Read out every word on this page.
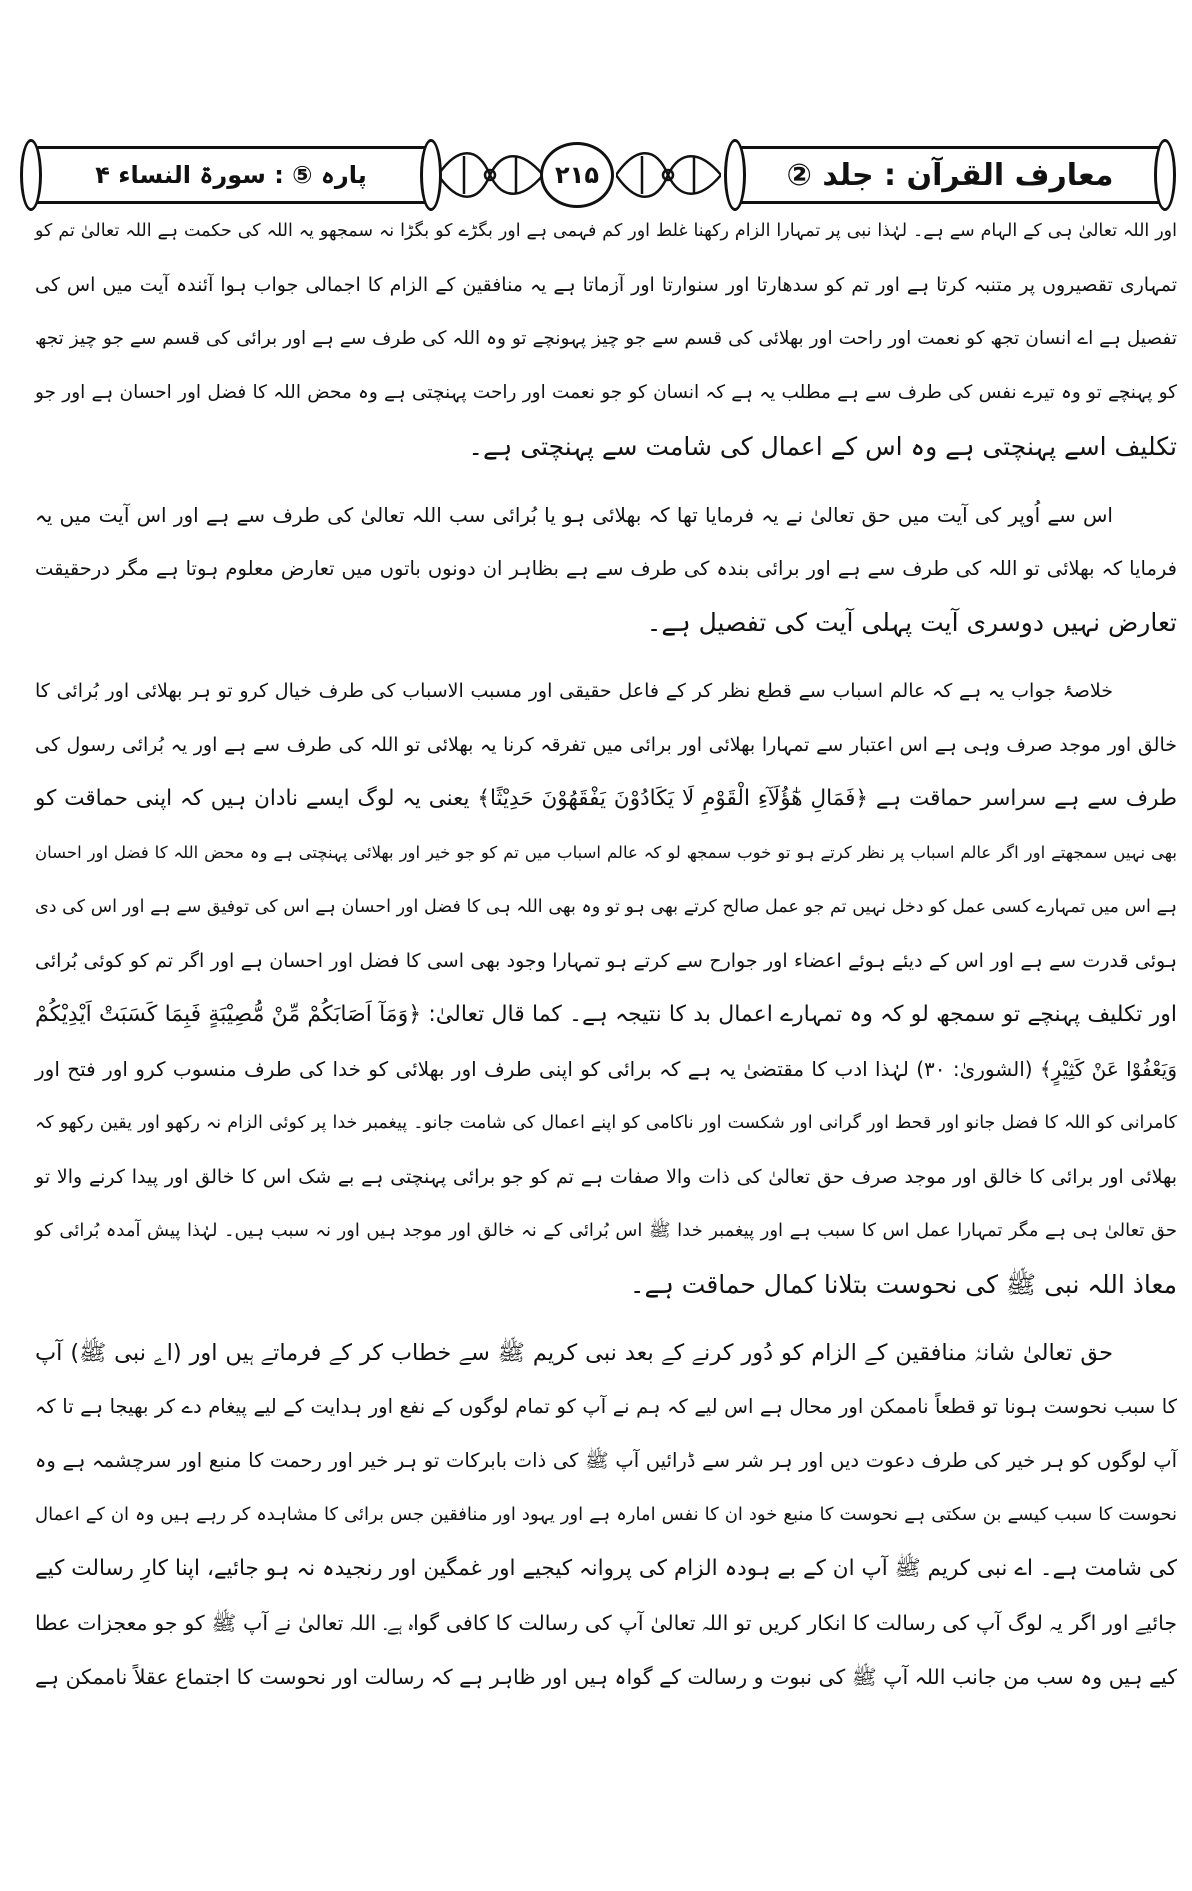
معارف القرآن : جلد ②
۲۱۵
پارہ ⑤ : سورۃ النساء ۴
اور اللہ تعالیٰ ہی کے الہام سے ہے۔ لہٰذا نبی پر تمہارا الزام رکھنا غلط اور کم فہمی ہے اور بگڑے کو بگڑا نہ سمجھو یہ اللہ کی حکمت ہے اللہ تعالیٰ تم کو
تمہاری تقصیروں پر متنبہ کرتا ہے اور تم کو سدھارتا اور سنوارتا اور آزماتا ہے یہ منافقین کے الزام کا اجمالی جواب ہوا آئندہ آیت میں اس کی
تفصیل ہے اے انسان تجھ کو نعمت اور راحت اور بھلائی کی قسم سے جو چیز پہونچے تو وہ اللہ کی طرف سے ہے اور برائی کی قسم سے جو چیز تجھ
کو پہنچے تو وہ تیرے نفس کی طرف سے ہے مطلب یہ ہے کہ انسان کو جو نعمت اور راحت پہنچتی ہے وہ محض اللہ کا فضل اور احسان ہے اور جو
تکلیف اسے پہنچتی ہے وہ اس کے اعمال کی شامت سے پہنچتی ہے۔
اس سے اُوپر کی آیت میں حق تعالیٰ نے یہ فرمایا تھا کہ بھلائی ہو یا بُرائی سب اللہ تعالیٰ کی طرف سے ہے اور اس آیت میں یہ
فرمایا کہ بھلائی تو اللہ کی طرف سے ہے اور برائی بندہ کی طرف سے ہے بظاہر ان دونوں باتوں میں تعارض معلوم ہوتا ہے مگر درحقیقت
تعارض نہیں دوسری آیت پہلی آیت کی تفصیل ہے۔
خلاصۂ جواب یہ ہے کہ عالم اسباب سے قطع نظر کر کے فاعل حقیقی اور مسبب الاسباب کی طرف خیال کرو تو ہر بھلائی اور بُرائی کا
خالق اور موجد صرف وہی ہے اس اعتبار سے تمہارا بھلائی اور برائی میں تفرقہ کرنا یہ بھلائی تو اللہ کی طرف سے ہے اور یہ بُرائی رسول کی
طرف سے ہے سراسر حماقت ہے ﴿فَمَالِ هٰٓؤُلَآءِ الْقَوْمِ لَا يَكَادُوْنَ يَفْقَهُوْنَ حَدِيْثًا﴾ یعنی یہ لوگ ایسے نادان ہیں کہ اپنی حماقت کو
بھی نہیں سمجھتے اور اگر عالم اسباب پر نظر کرتے ہو تو خوب سمجھ لو کہ عالم اسباب میں تم کو جو خیر اور بھلائی پہنچتی ہے وہ محض اللہ کا فضل اور احسان
ہے اس میں تمہارے کسی عمل کو دخل نہیں تم جو عمل صالح کرتے بھی ہو تو وہ بھی اللہ ہی کا فضل اور احسان ہے اس کی توفیق سے ہے اور اس کی دی
ہوئی قدرت سے ہے اور اس کے دیئے ہوئے اعضاء اور جوارح سے کرتے ہو تمہارا وجود بھی اسی کا فضل اور احسان ہے اور اگر تم کو کوئی بُرائی
اور تکلیف پہنچے تو سمجھ لو کہ وہ تمہارے اعمال بد کا نتیجہ ہے۔ کما قال تعالیٰ: ﴿وَمَآ اَصَابَكُمْ مِّنْ مُّصِيْبَةٍ فَبِمَا كَسَبَتْ اَيْدِيْكُمْ
وَيَعْفُوْا عَنْ كَثِيْرٍ﴾ (الشوریٰ: ۳۰) لہٰذا ادب کا مقتضیٰ یہ ہے کہ برائی کو اپنی طرف اور بھلائی کو خدا کی طرف منسوب کرو اور فتح اور
کامرانی کو اللہ کا فضل جانو اور قحط اور گرانی اور شکست اور ناکامی کو اپنے اعمال کی شامت جانو۔ پیغمبر خدا پر کوئی الزام نہ رکھو اور یقین رکھو کہ
بھلائی اور برائی کا خالق اور موجد صرف حق تعالیٰ کی ذات والا صفات ہے تم کو جو برائی پہنچتی ہے بے شک اس کا خالق اور پیدا کرنے والا تو
حق تعالیٰ ہی ہے مگر تمہارا عمل اس کا سبب ہے اور پیغمبر خدا ﷺ اس بُرائی کے نہ خالق اور موجد ہیں اور نہ سبب ہیں۔ لہٰذا پیش آمدہ بُرائی کو
معاذ اللہ نبی ﷺ کی نحوست بتلانا کمال حماقت ہے۔
حق تعالیٰ شانہٗ منافقین کے الزام کو دُور کرنے کے بعد نبی کریم ﷺ سے خطاب کر کے فرماتے ہیں اور (اے نبی ﷺ) آپ
کا سبب نحوست ہونا تو قطعاً ناممکن اور محال ہے اس لیے کہ ہم نے آپ کو تمام لوگوں کے نفع اور ہدایت کے لیے پیغام دے کر بھیجا ہے تا کہ
آپ لوگوں کو ہر خیر کی طرف دعوت دیں اور ہر شر سے ڈرائیں آپ ﷺ کی ذات بابرکات تو ہر خیر اور رحمت کا منبع اور سرچشمہ ہے وہ
نحوست کا سبب کیسے بن سکتی ہے نحوست کا منبع خود ان کا نفس امارہ ہے اور یہود اور منافقین جس برائی کا مشاہدہ کر رہے ہیں وہ ان کے اعمال
کی شامت ہے۔ اے نبی کریم ﷺ آپ ان کے بے ہودہ الزام کی پروانہ کیجیے اور غمگین اور رنجیدہ نہ ہو جائیے، اپنا کارِ رسالت کیے
جائیے اور اگر یہ لوگ آپ کی رسالت کا انکار کریں تو اللہ تعالیٰ آپ کی رسالت کا کافی گواہ ہے۔ اللہ تعالیٰ نے آپ ﷺ کو جو معجزات عطا
کیے ہیں وہ سب من جانب اللہ آپ ﷺ کی نبوت و رسالت کے گواہ ہیں اور ظاہر ہے کہ رسالت اور نحوست کا اجتماع عقلاً ناممکن ہے
